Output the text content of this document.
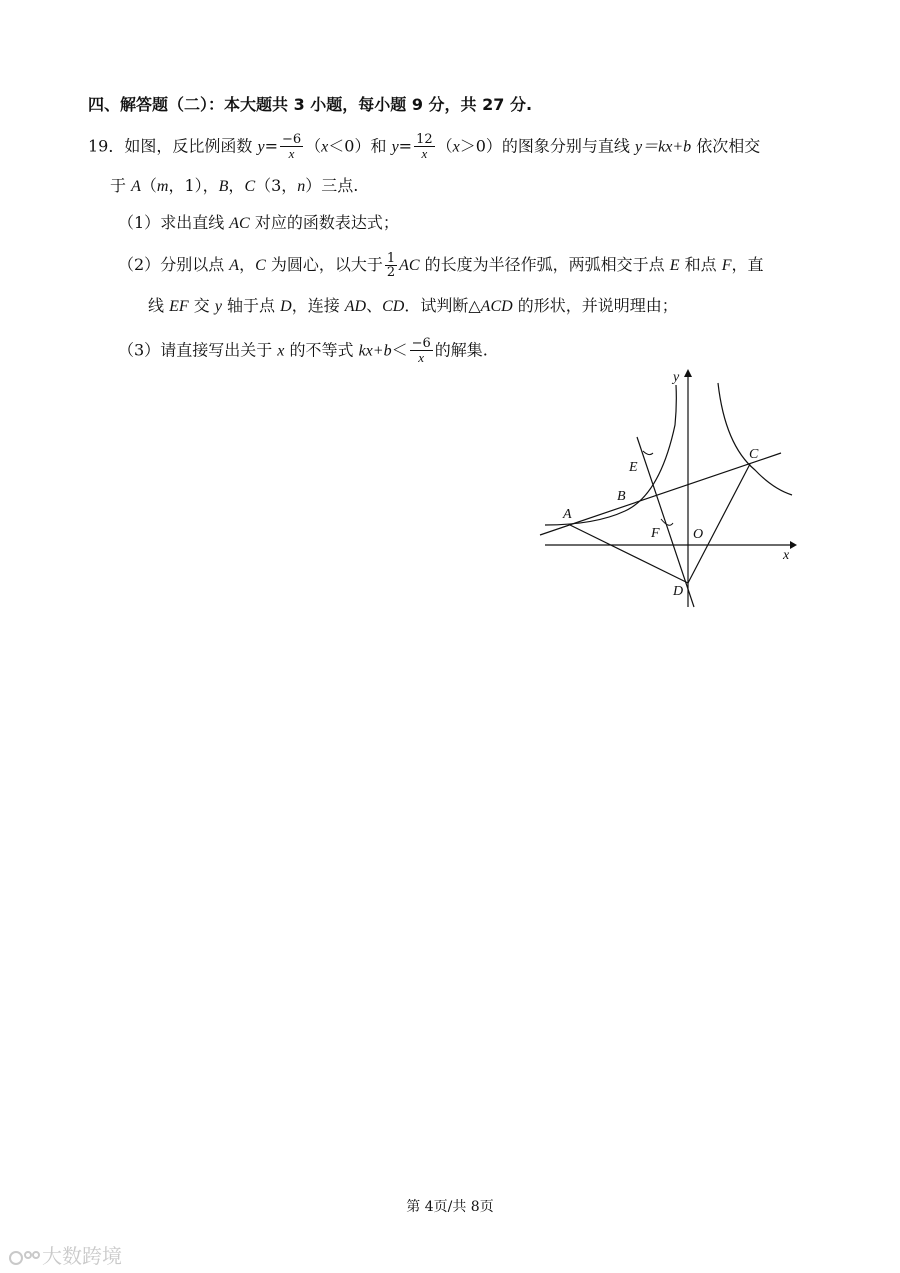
四、解答题（二）：本大题共 3 小题，每小题 9 分，共 27 分.
19．如图，反比例函数 $y= \frac{-6}{x} (x<0)$和 $y= \frac{12}{x} (x>0)$的图象分别与直线 y＝kx+b 依次相交
于 A（m，1），B，C（3，n）三点.
（1）求出直线 AC 对应的函数表达式；
（2）分别以点 A，C 为圆心，以大于 $\frac{1}{2}$ AC 的长度为半径作弧，两弧相交于点 E 和点 F，直
线 EF 交 y 轴于点 D，连接 AD、CD．试判断△ACD 的形状，并说明理由；
（3）请直接写出关于 x 的不等式 $kx+b< \frac{-6}{x}$ 的解集.
y
x
A
B
C
D
E
F O
第 4页/共 8页
大数跨境
